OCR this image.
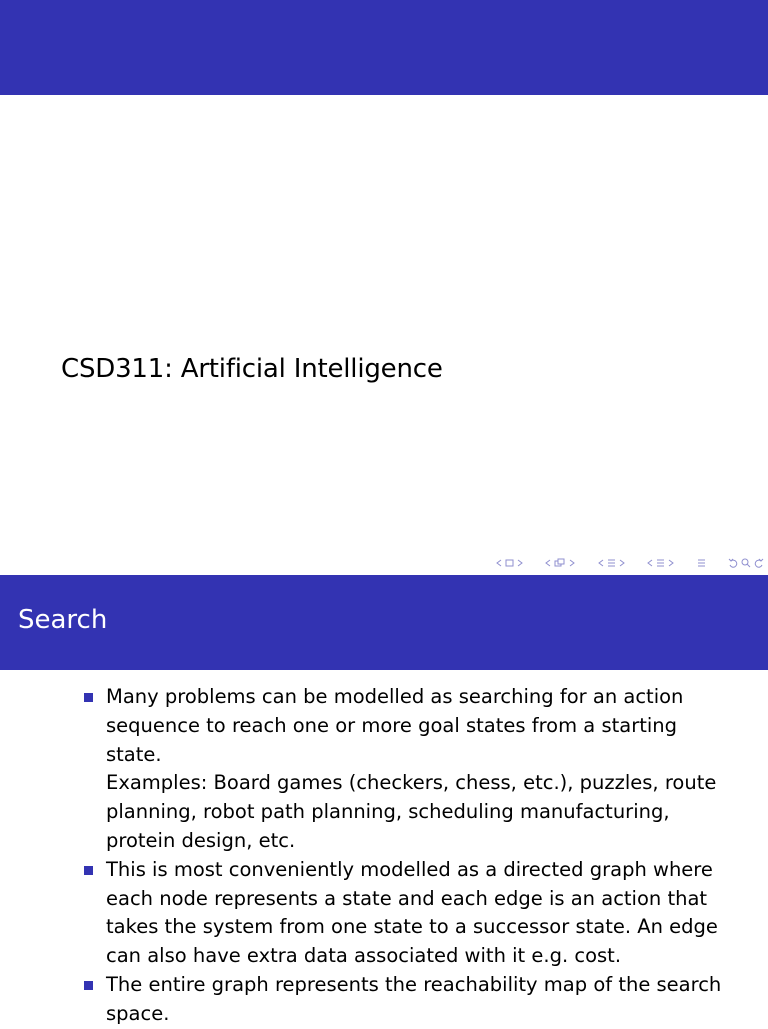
CSD311: Artificial Intelligence
Search
Many problems can be modelled as searching for an action
sequence to reach one or more goal states from a starting
state.
Examples: Board games (checkers, chess, etc.), puzzles, route
planning, robot path planning, scheduling manufacturing,
protein design, etc.
This is most conveniently modelled as a directed graph where
each node represents a state and each edge is an action that
takes the system from one state to a successor state. An edge
can also have extra data associated with it e.g. cost.
The entire graph represents the reachability map of the search
space.
